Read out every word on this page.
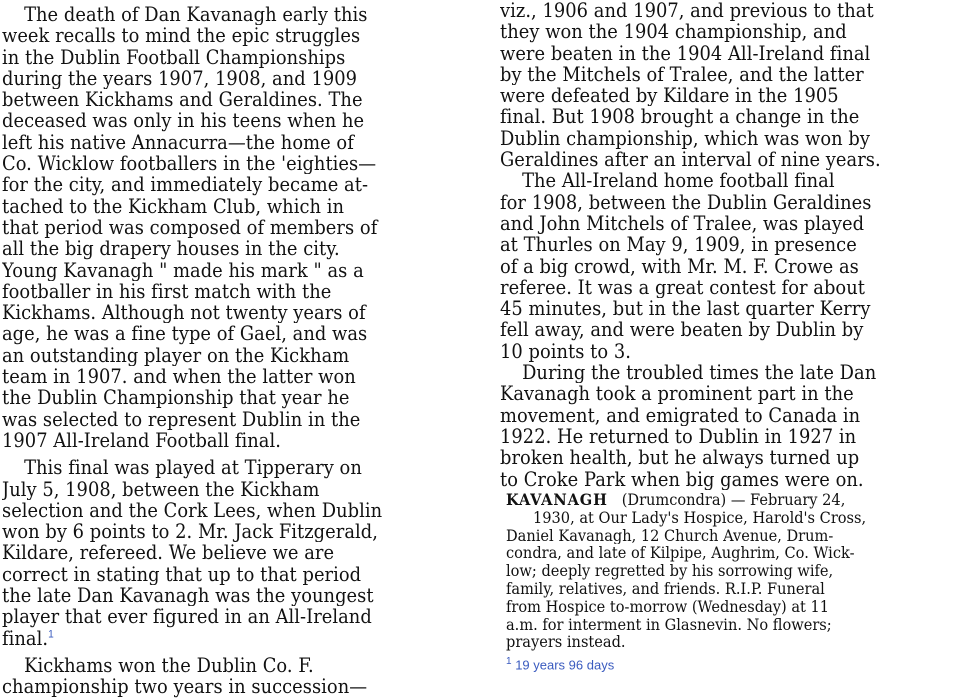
The death of Dan Kavanagh early this
week recalls to mind the epic struggles
in the Dublin Football Championships
during the years 1907, 1908, and 1909
between Kickhams and Geraldines. The
deceased was only in his teens when he
left his native Annacurra—the home of
Co. Wicklow footballers in the 'eighties—
for the city, and immediately became at-
tached to the Kickham Club, which in
that period was composed of members of
all the big drapery houses in the city.
Young Kavanagh " made his mark " as a
footballer in his first match with the
Kickhams. Although not twenty years of
age, he was a fine type of Gael, and was
an outstanding player on the Kickham
team in 1907. and when the latter won
the Dublin Championship that year he
was selected to represent Dublin in the
1907 All-Ireland Football final.
This final was played at Tipperary on
July 5, 1908, between the Kickham
selection and the Cork Lees, when Dublin
won by 6 points to 2. Mr. Jack Fitzgerald,
Kildare, refereed. We believe we are
correct in stating that up to that period
the late Dan Kavanagh was the youngest
player that ever figured in an All-Ireland
final.$^1$
Kickhams won the Dublin Co. F.
championship two years in succession—
viz., 1906 and 1907, and previous to that
they won the 1904 championship, and
were beaten in the 1904 All-Ireland final
by the Mitchels of Tralee, and the latter
were defeated by Kildare in the 1905
final. But 1908 brought a change in the
Dublin championship, which was won by
Geraldines after an interval of nine years.
The All-Ireland home football final
for 1908, between the Dublin Geraldines
and John Mitchels of Tralee, was played
at Thurles on May 9, 1909, in presence
of a big crowd, with Mr. M. F. Crowe as
referee. It was a great contest for about
45 minutes, but in the last quarter Kerry
fell away, and were beaten by Dublin by
10 points to 3.
During the troubled times the late Dan
Kavanagh took a prominent part in the
movement, and emigrated to Canada in
1922. He returned to Dublin in 1927 in
broken health, but he always turned up
to Croke Park when big games were on.
KAVANAGH (Drumcondra) — February 24,
1930, at Our Lady's Hospice, Harold's Cross,
Daniel Kavanagh, 12 Church Avenue, Drum-
condra, and late of Kilpipe, Aughrim, Co. Wick-
low; deeply regretted by his sorrowing wife,
family, relatives, and friends. R.I.P. Funeral
from Hospice to-morrow (Wednesday) at 11
a.m. for interment in Glasnevin. No flowers;
prayers instead.
$^1$ 19 years 96 days
